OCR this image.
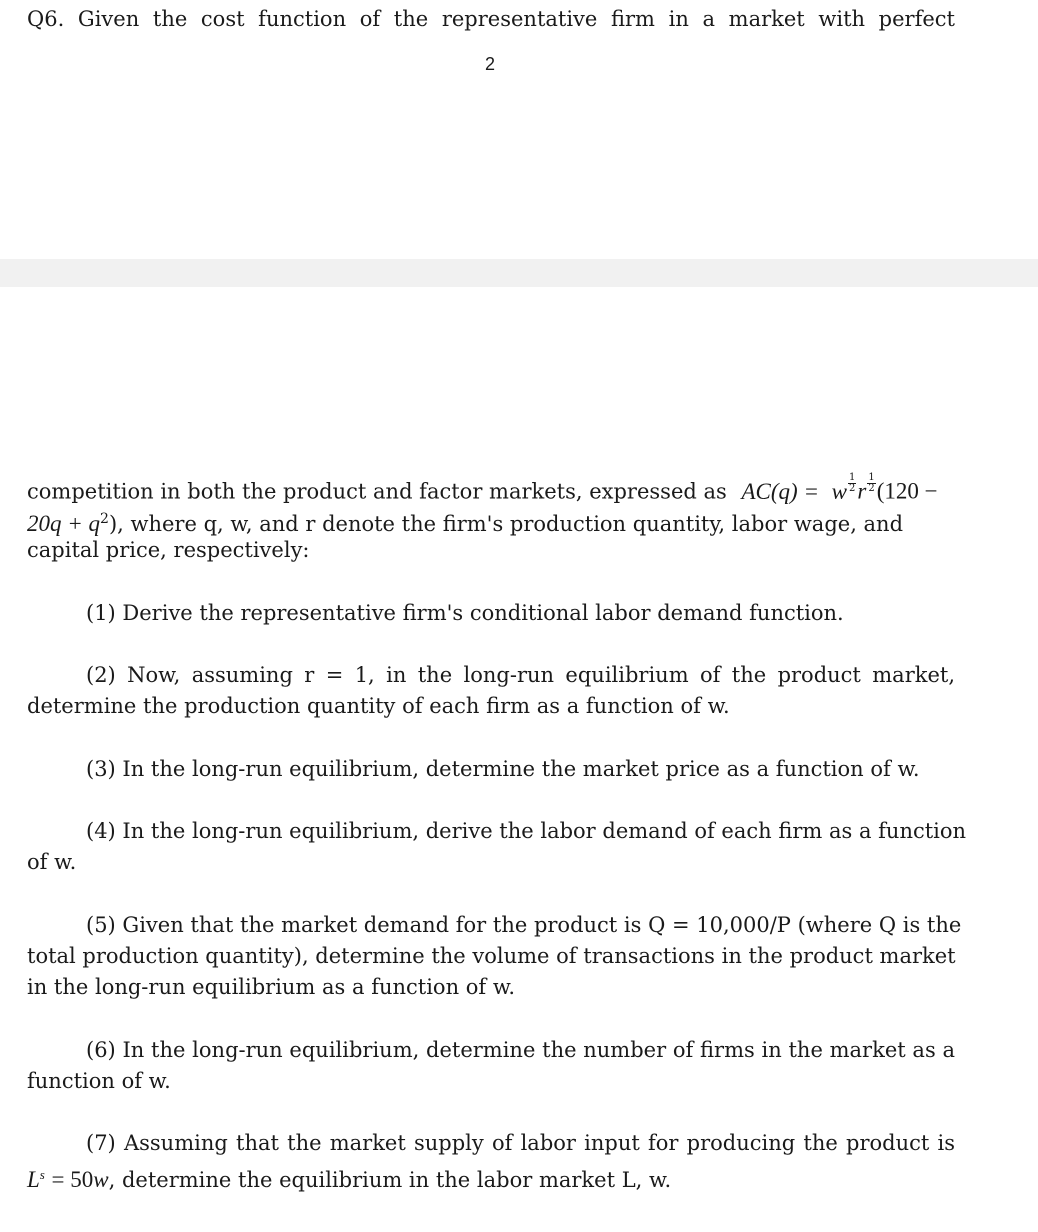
Q6. Given the cost function of the representative firm in a market with perfect
2
competition in both the product and factor markets, expressed as AC(q) = w $\frac{1}{2}$ r $\frac{1}{2} (120$ −
$20q + q^2$), where q, w, and r denote the firm's production quantity, labor wage, and
capital price, respectively:
(1) Derive the representative firm's conditional labor demand function.
(2) Now, assuming r = 1, in the long-run equilibrium of the product market,
determine the production quantity of each firm as a function of w.
(3) In the long-run equilibrium, determine the market price as a function of w.
(4) In the long-run equilibrium, derive the labor demand of each firm as a function
of w.
(5) Given that the market demand for the product is Q = 10,000/P (where Q is the
total production quantity), determine the volume of transactions in the product market
in the long-run equilibrium as a function of w.
(6) In the long-run equilibrium, determine the number of firms in the market as a
function of w.
(7) Assuming that the market supply of labor input for producing the product is
$L^s = 50w$, determine the equilibrium in the labor market L, w.
